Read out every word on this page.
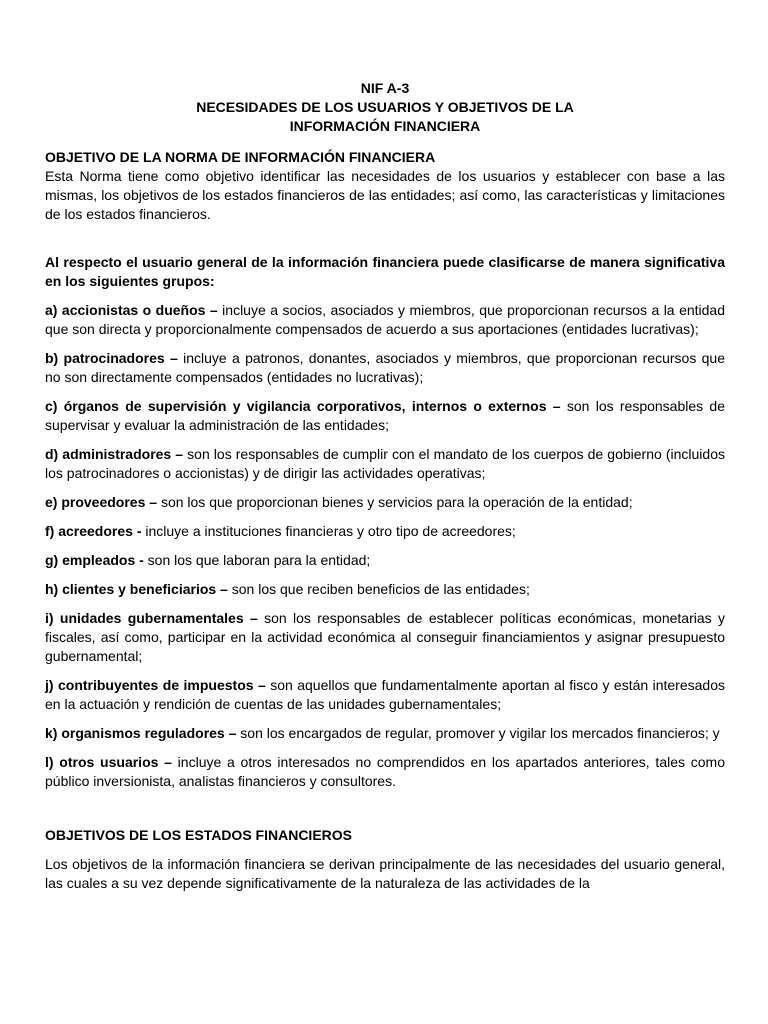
NIF A-3
NECESIDADES DE LOS USUARIOS Y OBJETIVOS DE LA
INFORMACIÓN FINANCIERA
OBJETIVO DE LA NORMA DE INFORMACIÓN FINANCIERA
Esta Norma tiene como objetivo identificar las necesidades de los usuarios y establecer con base a las mismas, los objetivos de los estados financieros de las entidades; así como, las características y limitaciones de los estados financieros.
Al respecto el usuario general de la información financiera puede clasificarse de manera significativa en los siguientes grupos:
a) accionistas o dueños – incluye a socios, asociados y miembros, que proporcionan recursos a la entidad que son directa y proporcionalmente compensados de acuerdo a sus aportaciones (entidades lucrativas);
b) patrocinadores – incluye a patronos, donantes, asociados y miembros, que proporcionan recursos que no son directamente compensados (entidades no lucrativas);
c) órganos de supervisión y vigilancia corporativos, internos o externos – son los responsables de supervisar y evaluar la administración de las entidades;
d) administradores – son los responsables de cumplir con el mandato de los cuerpos de gobierno (incluidos los patrocinadores o accionistas) y de dirigir las actividades operativas;
e) proveedores – son los que proporcionan bienes y servicios para la operación de la entidad;
f) acreedores - incluye a instituciones financieras y otro tipo de acreedores;
g) empleados - son los que laboran para la entidad;
h) clientes y beneficiarios – son los que reciben beneficios de las entidades;
i) unidades gubernamentales – son los responsables de establecer políticas económicas, monetarias y fiscales, así como, participar en la actividad económica al conseguir financiamientos y asignar presupuesto gubernamental;
j) contribuyentes de impuestos – son aquellos que fundamentalmente aportan al fisco y están interesados en la actuación y rendición de cuentas de las unidades gubernamentales;
k) organismos reguladores – son los encargados de regular, promover y vigilar los mercados financieros; y
l) otros usuarios – incluye a otros interesados no comprendidos en los apartados anteriores, tales como público inversionista, analistas financieros y consultores.
OBJETIVOS DE LOS ESTADOS FINANCIEROS
Los objetivos de la información financiera se derivan principalmente de las necesidades del usuario general, las cuales a su vez depende significativamente de la naturaleza de las actividades de la
